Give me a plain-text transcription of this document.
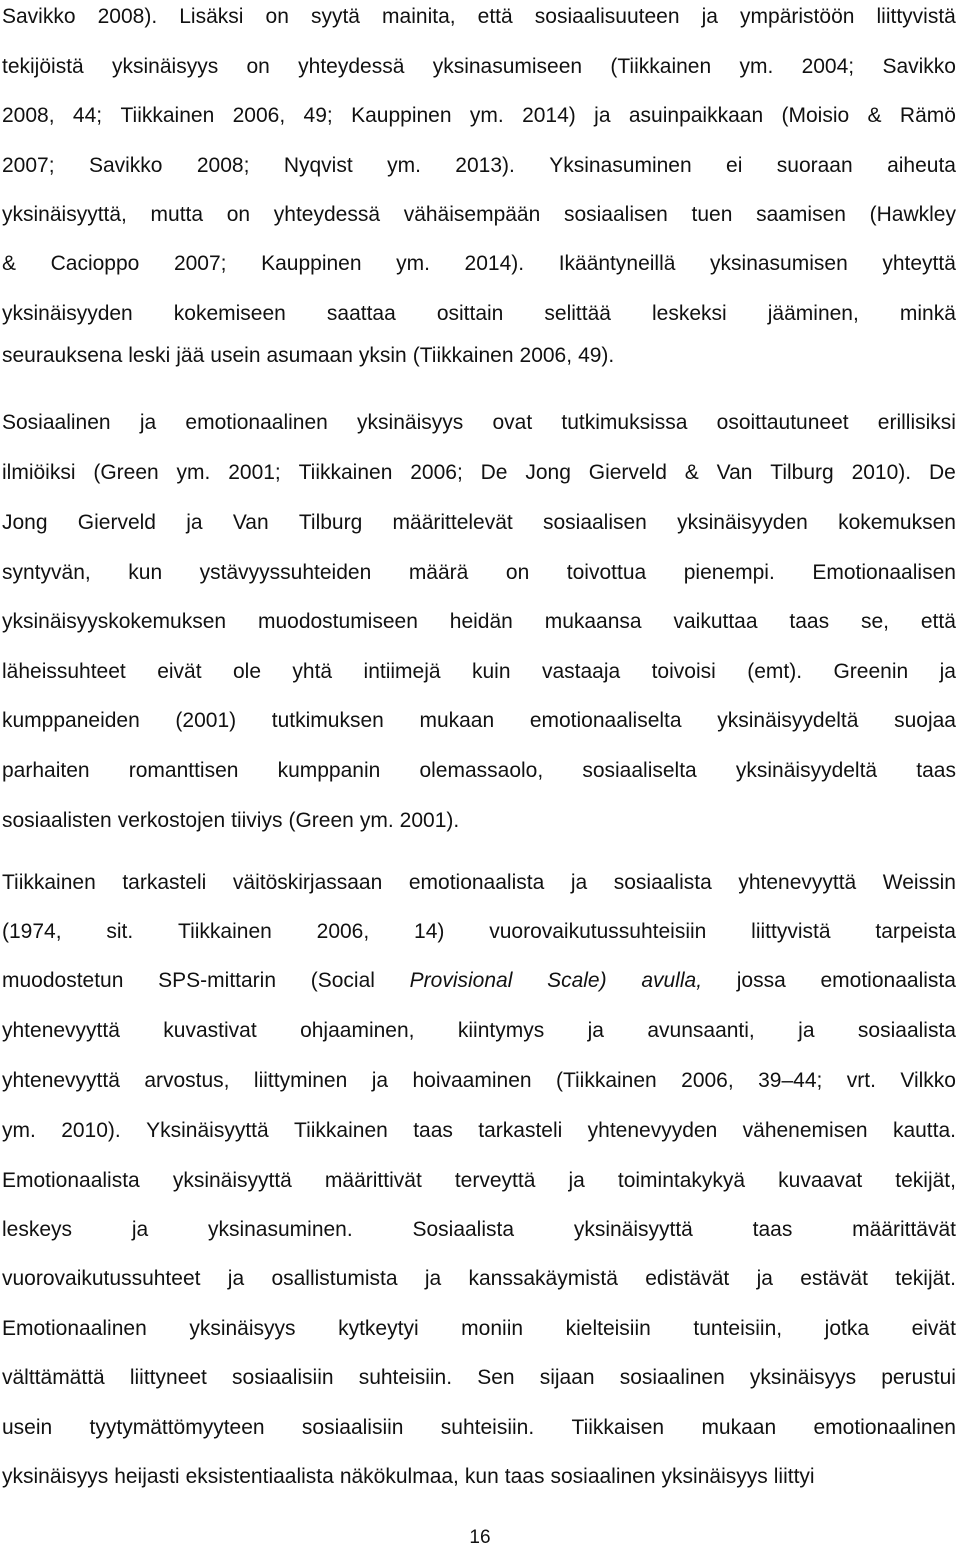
Savikko 2008). Lisäksi on syytä mainita, että sosiaalisuuteen ja ympäristöön liittyvistä
tekijöistä yksinäisyys on yhteydessä yksinasumiseen (Tiikkainen ym. 2004; Savikko
2008, 44; Tiikkainen 2006, 49; Kauppinen ym. 2014) ja asuinpaikkaan (Moisio & Rämö
2007; Savikko 2008; Nyqvist ym. 2013). Yksinasuminen ei suoraan aiheuta
yksinäisyyttä, mutta on yhteydessä vähäisempään sosiaalisen tuen saamisen (Hawkley
& Cacioppo 2007; Kauppinen ym. 2014). Ikääntyneillä yksinasumisen yhteyttä
yksinäisyyden kokemiseen saattaa osittain selittää leskeksi jääminen, minkä
seurauksena leski jää usein asumaan yksin (Tiikkainen 2006, 49).
Sosiaalinen ja emotionaalinen yksinäisyys ovat tutkimuksissa osoittautuneet erillisiksi
ilmiöiksi (Green ym. 2001; Tiikkainen 2006; De Jong Gierveld & Van Tilburg 2010). De
Jong Gierveld ja Van Tilburg määrittelevät sosiaalisen yksinäisyyden kokemuksen
syntyvän, kun ystävyyssuhteiden määrä on toivottua pienempi. Emotionaalisen
yksinäisyyskokemuksen muodostumiseen heidän mukaansa vaikuttaa taas se, että
läheissuhteet eivät ole yhtä intiimejä kuin vastaaja toivoisi (emt). Greenin ja
kumppaneiden (2001) tutkimuksen mukaan emotionaaliselta yksinäisyydeltä suojaa
parhaiten romanttisen kumppanin olemassaolo, sosiaaliselta yksinäisyydeltä taas
sosiaalisten verkostojen tiiviys (Green ym. 2001).
Tiikkainen tarkasteli väitöskirjassaan emotionaalista ja sosiaalista yhtenevyyttä Weissin
(1974, sit. Tiikkainen 2006, 14) vuorovaikutussuhteisiin liittyvistä tarpeista
muodostetun SPS-mittarin (Social Provisional Scale) avulla, jossa emotionaalista
yhtenevyyttä kuvastivat ohjaaminen, kiintymys ja avunsaanti, ja sosiaalista
yhtenevyyttä arvostus, liittyminen ja hoivaaminen (Tiikkainen 2006, 39–44; vrt. Vilkko
ym. 2010). Yksinäisyyttä Tiikkainen taas tarkasteli yhtenevyyden vähenemisen kautta.
Emotionaalista yksinäisyyttä määrittivät terveyttä ja toimintakykyä kuvaavat tekijät,
leskeys	ja	yksinasuminen.	Sosiaalista	yksinäisyyttä	taas	määrittävät
vuorovaikutussuhteet ja osallistumista ja kanssakäymistä edistävät ja estävät tekijät.
Emotionaalinen yksinäisyys kytkeytyi moniin kielteisiin tunteisiin, jotka eivät
välttämättä liittyneet sosiaalisiin suhteisiin. Sen sijaan sosiaalinen yksinäisyys perustui
usein tyytymättömyyteen sosiaalisiin suhteisiin. Tiikkaisen mukaan emotionaalinen
yksinäisyys heijasti eksistentiaalista näkökulmaa, kun taas sosiaalinen yksinäisyys liittyi
16
